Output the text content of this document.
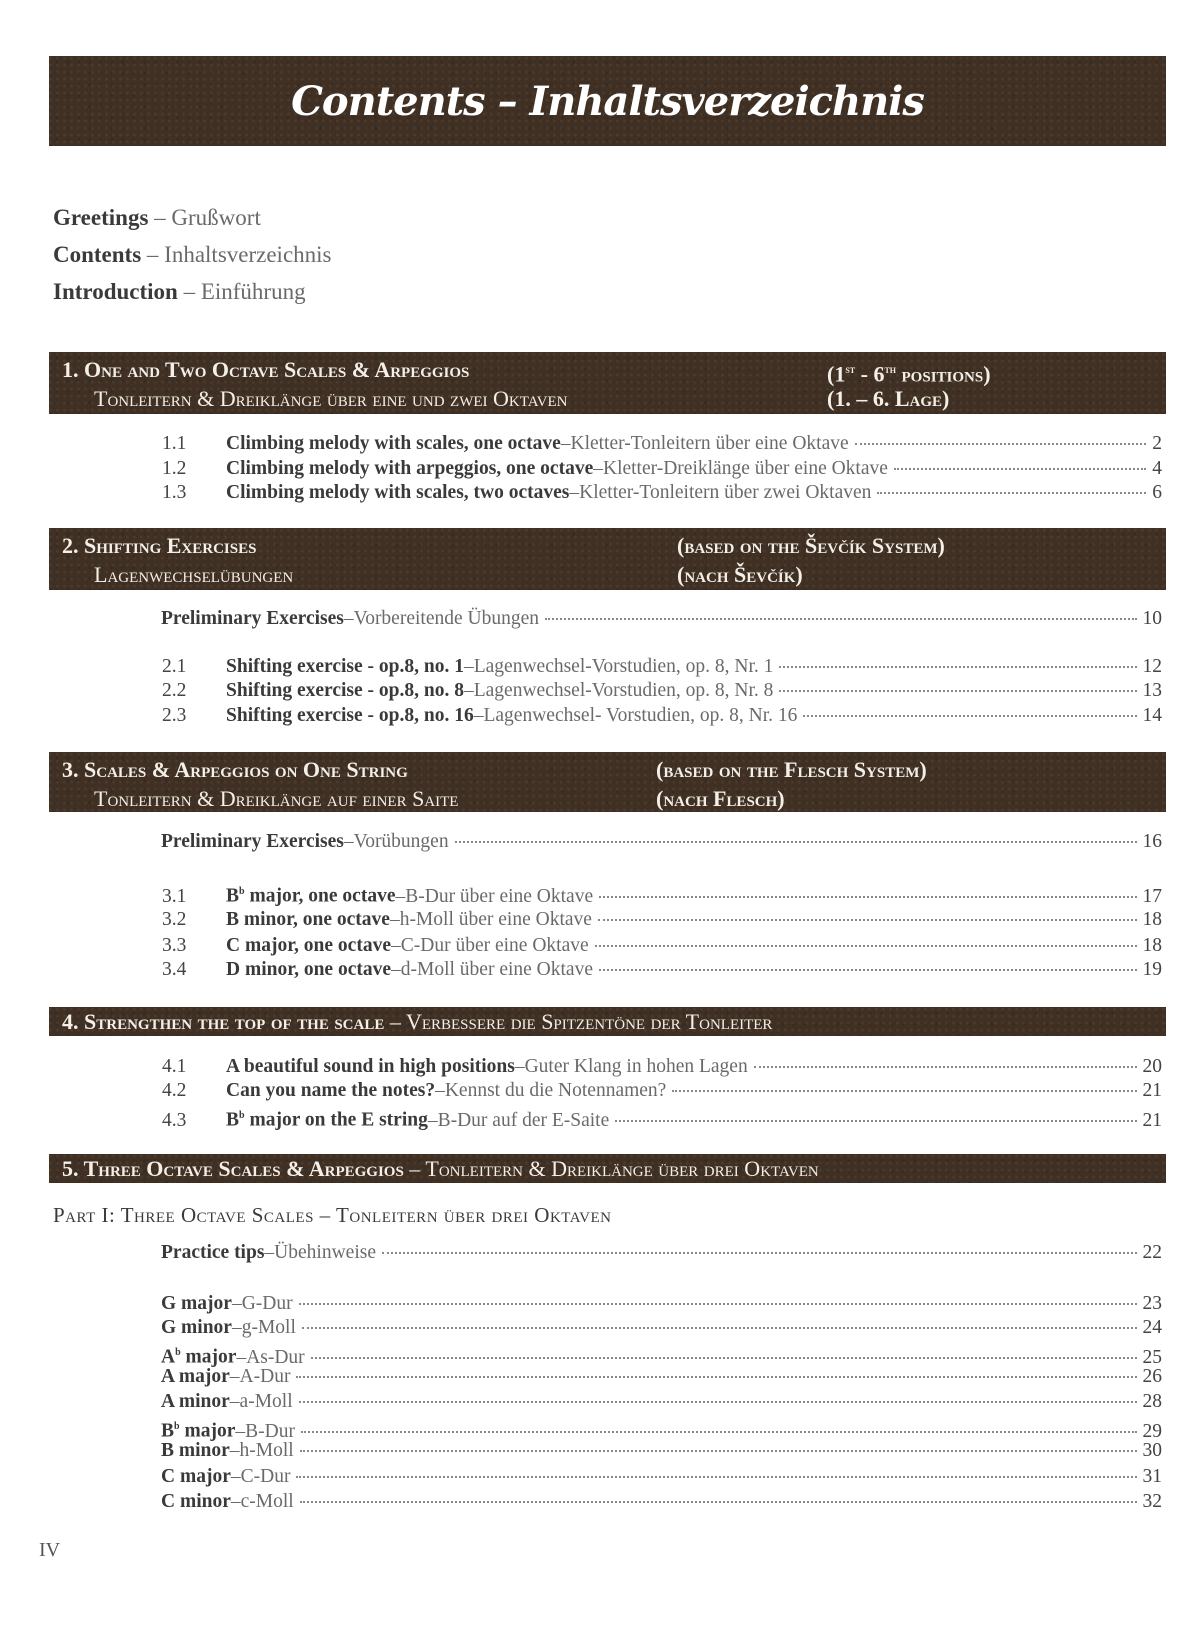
Contents – Inhaltsverzeichnis
Greetings – Grußwort
Contents – Inhaltsverzeichnis
Introduction – Einführung
1. One and Two Octave Scales & Arpeggios
Tonleitern & Dreiklänge über eine und zwei Oktaven
(1st - 6th positions)
(1. – 6. Lage)
1.1	Climbing melody with scales, one octave – Kletter-Tonleitern über eine Oktave	2
1.2	Climbing melody with arpeggios, one octave – Kletter-Dreiklänge über eine Oktave	4
1.3	Climbing melody with scales, two octaves – Kletter-Tonleitern über zwei Oktaven	6
2. Shifting Exercises
Lagenwechselübungen
(based on the Ševčík System)
(nach Ševčík)
Preliminary Exercises – Vorbereitende Übungen	10
2.1	Shifting exercise - op.8, no. 1 – Lagenwechsel-Vorstudien, op. 8, Nr. 1	12
2.2	Shifting exercise - op.8, no. 8 – Lagenwechsel-Vorstudien, op. 8, Nr. 8	13
2.3	Shifting exercise - op.8, no. 16 – Lagenwechsel- Vorstudien, op. 8, Nr. 16	14
3. Scales & Arpeggios on One String
Tonleitern & Dreiklänge auf einer Saite
(based on the Flesch System)
(nach Flesch)
Preliminary Exercises – Vorübungen	16
3.1	$B^b$ major, one octave – B-Dur über eine Oktave	17
3.2	B minor, one octave – h-Moll über eine Oktave	18
3.3	C major, one octave – C-Dur über eine Oktave	18
3.4	D minor, one octave – d-Moll über eine Oktave	19
4. Strengthen the top of the scale – Verbessere die Spitzentöne der Tonleiter
4.1	A beautiful sound in high positions – Guter Klang in hohen Lagen	20
4.2	Can you name the notes? – Kennst du die Notennamen?	21
4.3	$B^b$ major on the E string – B-Dur auf der E-Saite	21
5. Three Octave Scales & Arpeggios – Tonleitern & Dreiklänge über drei Oktaven
Part I: Three Octave Scales – Tonleitern über drei Oktaven
Practice tips – Übehinweise	22
G major – G-Dur	23
G minor – g-Moll	24
$A^b$ major – As-Dur	25
A major – A-Dur	26
A minor – a-Moll	28
$B^b$ major – B-Dur	29
B minor – h-Moll	30
C major – C-Dur	31
C minor – c-Moll	32
IV
